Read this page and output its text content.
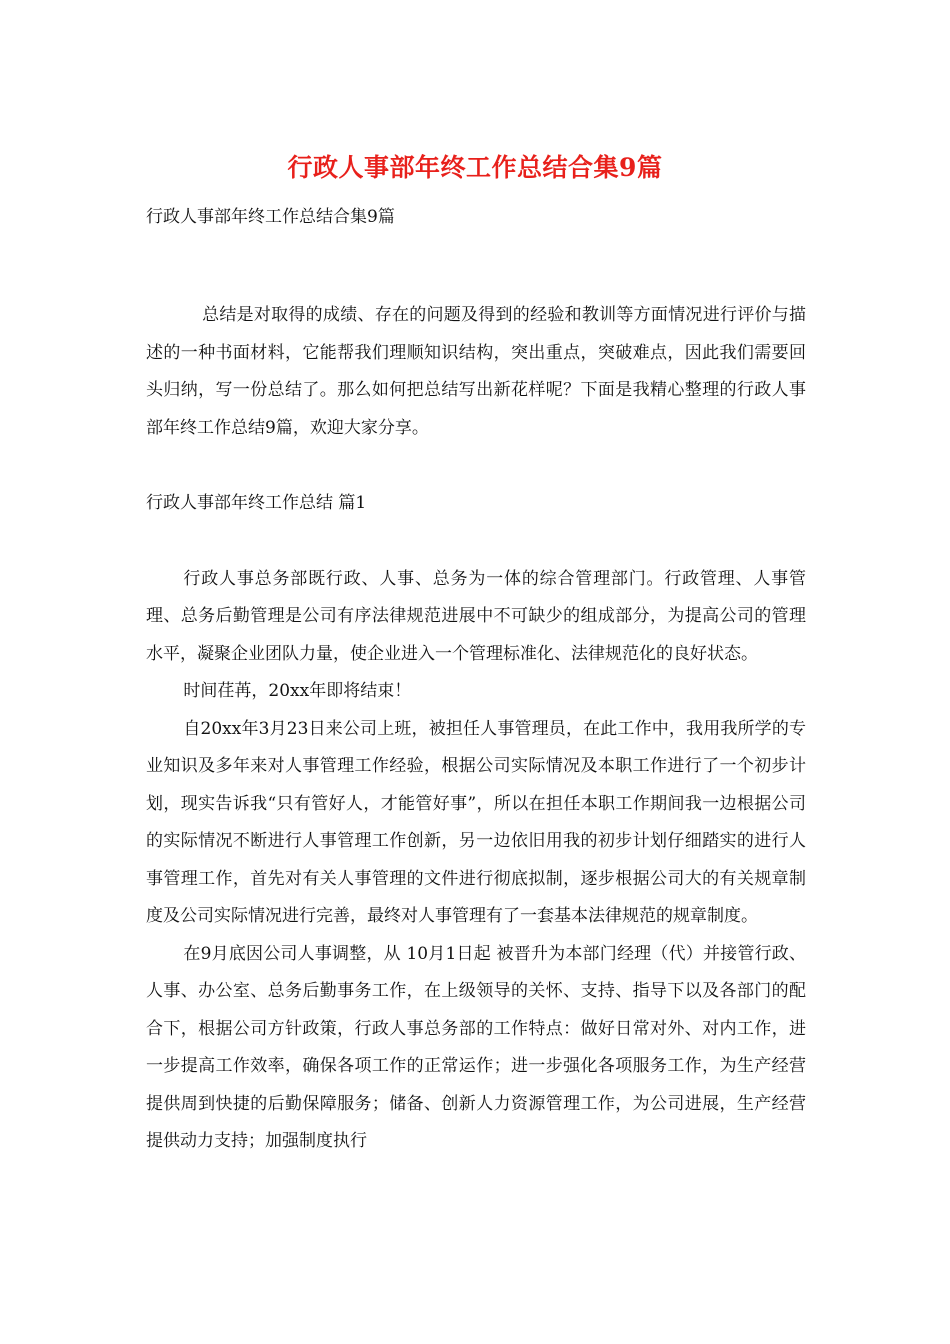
行政人事部年终工作总结合集9篇
行政人事部年终工作总结合集9篇

总结是对取得的成绩、存在的问题及得到的经验和教训等方面情况进行评价与描述的一种书面材料，它能帮我们理顺知识结构，突出重点，突破难点，因此我们需要回头归纳，写一份总结了。那么如何把总结写出新花样呢？下面是我精心整理的行政人事部年终工作总结9篇，欢迎大家分享。

行政人事部年终工作总结 篇1

行政人事总务部既行政、人事、总务为一体的综合管理部门。行政管理、人事管理、总务后勤管理是公司有序法律规范进展中不可缺少的组成部分，为提高公司的管理水平，凝聚企业团队力量，使企业进入一个管理标准化、法律规范化的良好状态。

时间荏苒，20xx年即将结束！

自20xx年3月23日来公司上班，被担任人事管理员，在此工作中，我用我所学的专业知识及多年来对人事管理工作经验，根据公司实际情况及本职工作进行了一个初步计划，现实告诉我“只有管好人，才能管好事”，所以在担任本职工作期间我一边根据公司的实际情况不断进行人事管理工作创新，另一边依旧用我的初步计划仔细踏实的进行人事管理工作，首先对有关人事管理的文件进行彻底拟制，逐步根据公司大的有关规章制度及公司实际情况进行完善，最终对人事管理有了一套基本法律规范的规章制度。

在9月底因公司人事调整，从 10月1日起 被晋升为本部门经理（代）并接管行政、人事、办公室、总务后勤事务工作，在上级领导的关怀、支持、指导下以及各部门的配合下，根据公司方针政策，行政人事总务部的工作特点：做好日常对外、对内工作，进一步提高工作效率，确保各项工作的正常运作；进一步强化各项服务工作，为生产经营提供周到快捷的后勤保障服务；储备、创新人力资源管理工作，为公司进展，生产经营提供动力支持；加强制度执行
